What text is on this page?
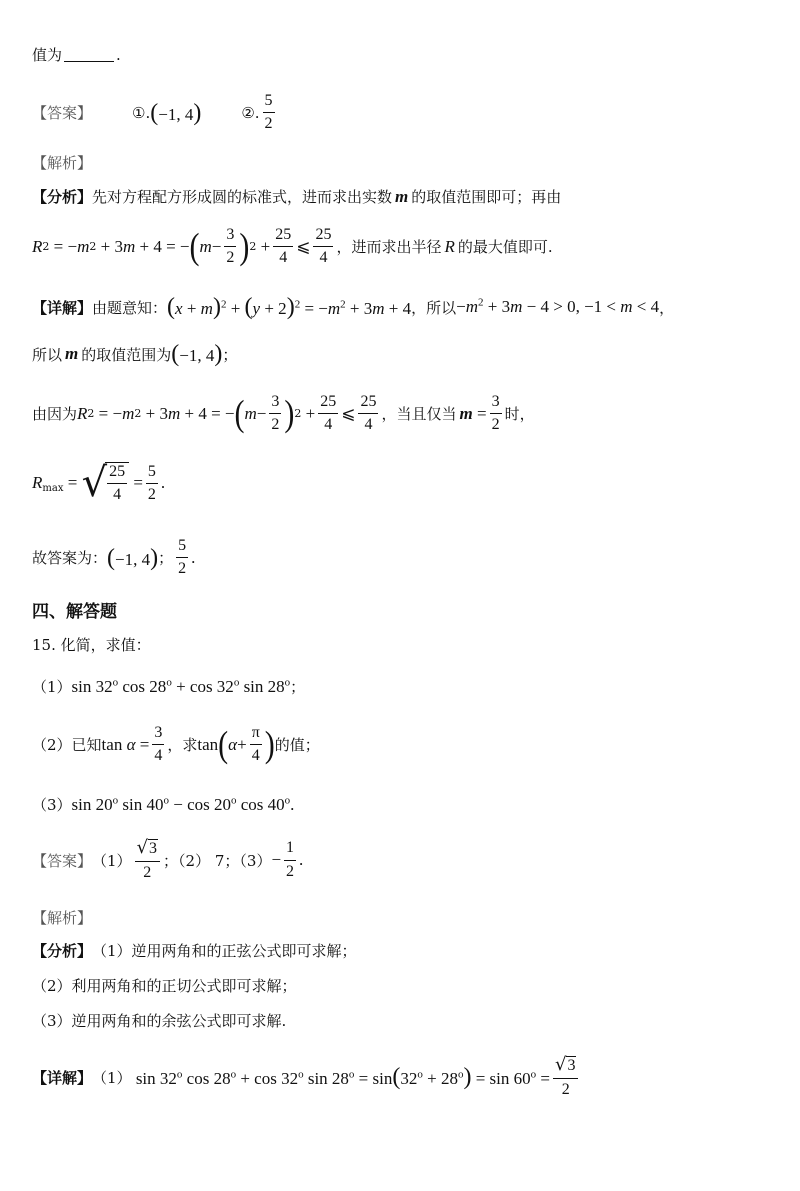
值为	.
【答案】	①. (−1, 4)	②. $\frac{5}{2}$
【解析】
【分析】 先对方程配方形成圆的标准式，进而求出实数 m 的取值范围即可；再由
R 2 = − m 2 + 3 m + 4 = − ( $m - \frac{3}{2}$ ) $2 + \frac{25}{4}$ ⩽ $\frac{25}{4}$ ，进而求出半径 R 的最大值即可.
【详解】 由题意知： $(x + m)^2 + (y + 2)^2 = -m^2 + 3m + 4$ ，所以 $-m^2 + 3m - 4 > 0$, −1 < m < 4 ，
所以 m 的取值范围为 (−1, 4) ；
由因为 R 2 = − m 2 + 3 m + 4 = − ( $m - \frac{3}{2}$ ) $2 + \frac{25}{4}$ ⩽ $\frac{25}{4}$ ，当且仅当 $m = \frac{3}{2}$ 时，
$R_{max}$ = √ $\frac{25}{4} = \frac{5}{2}$ .
故答案为： (−1, 4) ； $\frac{5}{2}$ .
四、解答题
15. 化简，求值：
（1） sin 32$^o$ $\cos 28^o + \cos 32^o$ sin 28$^o$ ；
（2）已知 $\tan \alpha = \frac{3}{4}$ ，求 tan ( $\alpha + \frac{\pi}{4}$ ) 的值；
（3） sin 20$^o$ $\sin 40^o - \cos 20^o$ cos 40$^o$.
【答案】 $(1) \frac{√ 3}{2}$ ；（2） 7；$(3) - \frac{1}{2}$ .
【解析】
【分析】 （1）逆用两角和的正弦公式即可求解；
（2）利用两角和的正切公式即可求解；
（3）逆用两角和的余弦公式即可求解.
【详解】 （1） sin 32$^o$ $\cos 28^o + \cos 32^o$ $\sin 28^o = \sin(32^o + 28^o) = \sin 60^o = \frac{√ 3}{2}$
